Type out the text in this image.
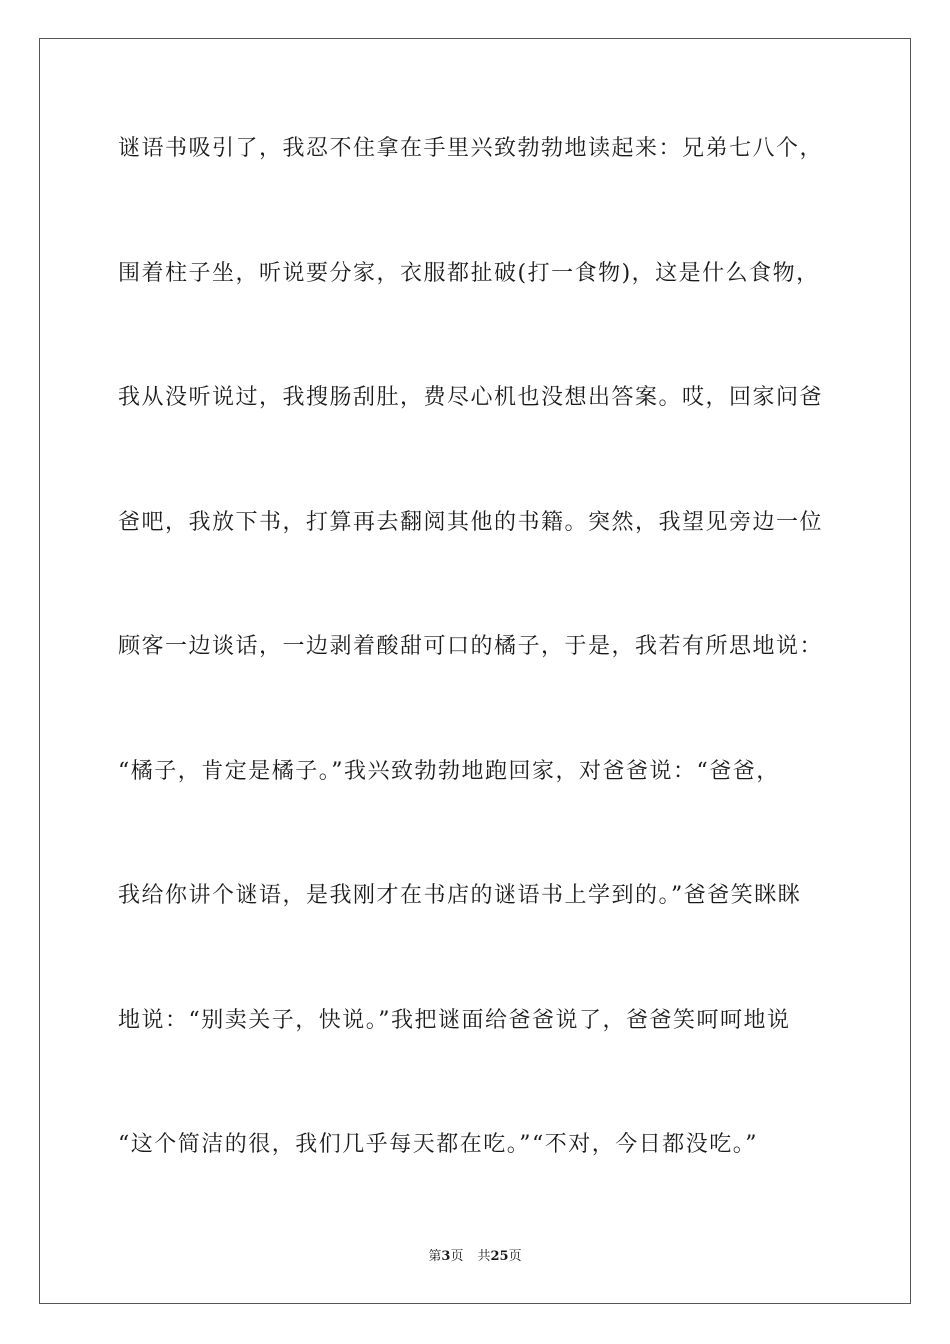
谜语书吸引了，我忍不住拿在手里兴致勃勃地读起来：兄弟七八个，
围着柱子坐，听说要分家，衣服都扯破(打一食物)，这是什么食物，
我从没听说过，我搜肠刮肚，费尽心机也没想出答案。哎，回家问爸
爸吧，我放下书，打算再去翻阅其他的书籍。突然，我望见旁边一位
顾客一边谈话，一边剥着酸甜可口的橘子，于是，我若有所思地说：
“橘子，肯定是橘子。”我兴致勃勃地跑回家，对爸爸说：“爸爸，
我给你讲个谜语，是我刚才在书店的谜语书上学到的。”爸爸笑眯眯
地说：“别卖关子，快说。”我把谜面给爸爸说了，爸爸笑呵呵地说
“这个简洁的很，我们几乎每天都在吃。”“不对，今日都没吃。”
第3页 共25页
